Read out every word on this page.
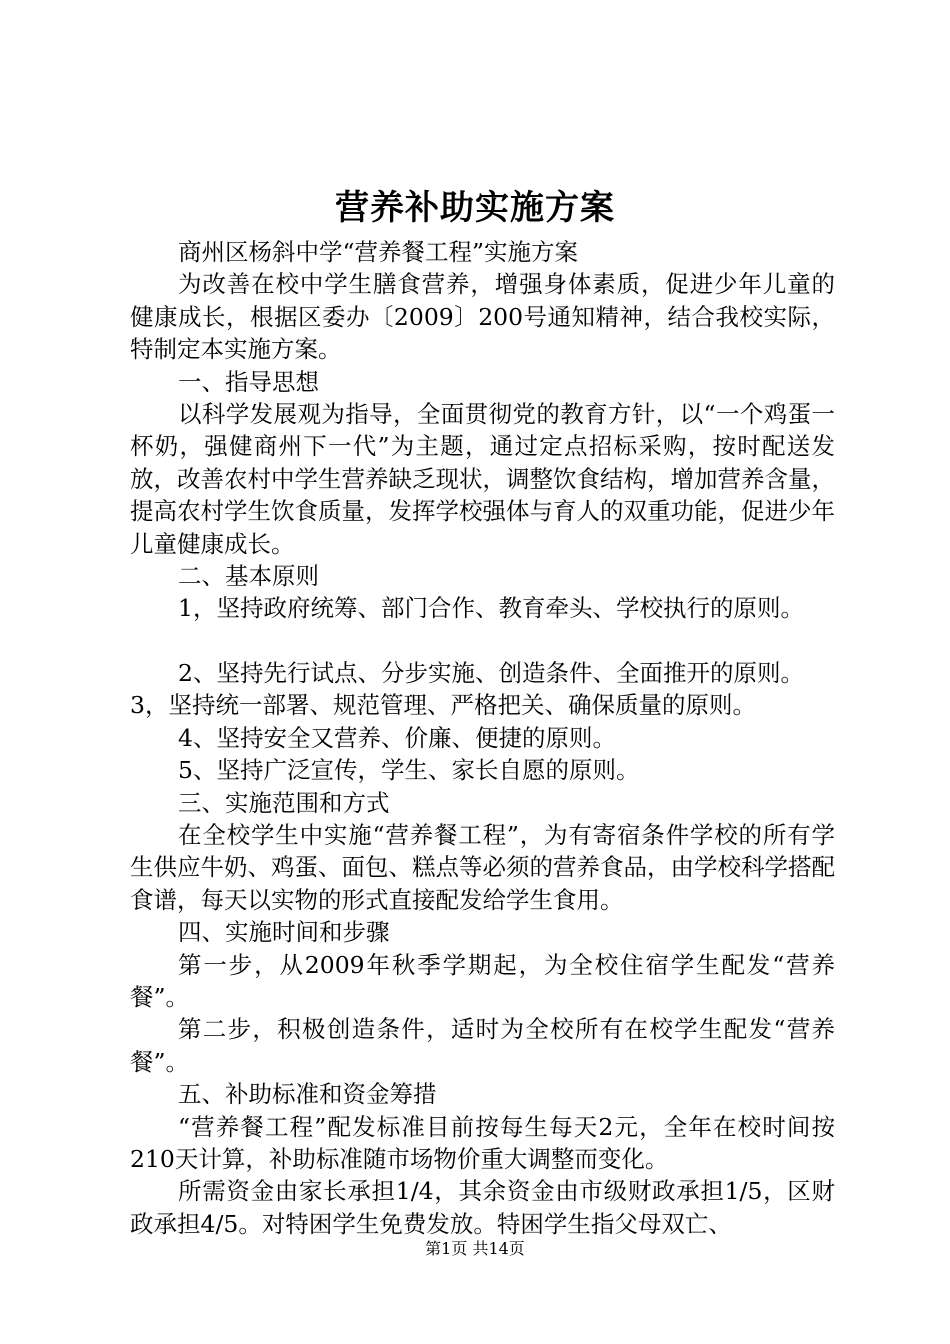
营养补助实施方案

商州区杨斜中学“营养餐工程”实施方案

为改善在校中学生膳食营养，增强身体素质，促进少年儿童的健康成长，根据区委办〔2009〕200号通知精神，结合我校实际，特制定本实施方案。

一、指导思想

以科学发展观为指导，全面贯彻党的教育方针，以“一个鸡蛋一杯奶，强健商州下一代”为主题，通过定点招标采购，按时配送发放，改善农村中学生营养缺乏现状，调整饮食结构，增加营养含量，提高农村学生饮食质量，发挥学校强体与育人的双重功能，促进少年儿童健康成长。

二、基本原则

1，坚持政府统筹、部门合作、教育牵头、学校执行的原则。

2、坚持先行试点、分步实施、创造条件、全面推开的原则。

3，坚持统一部署、规范管理、严格把关、确保质量的原则。

4、坚持安全又营养、价廉、便捷的原则。

5、坚持广泛宣传，学生、家长自愿的原则。

三、实施范围和方式

在全校学生中实施“营养餐工程”，为有寄宿条件学校的所有学生供应牛奶、鸡蛋、面包、糕点等必须的营养食品，由学校科学搭配食谱，每天以实物的形式直接配发给学生食用。

四、实施时间和步骤

第一步，从2009年秋季学期起，为全校住宿学生配发“营养餐”。

第二步，积极创造条件，适时为全校所有在校学生配发“营养餐”。

五、补助标准和资金筹措

“营养餐工程”配发标准目前按每生每天2元，全年在校时间按210天计算，补助标准随市场物价重大调整而变化。

所需资金由家长承担1/4，其余资金由市级财政承担1/5，区财政承担4/5。对特困学生免费发放。特困学生指父母双亡、

第1页 共14页
